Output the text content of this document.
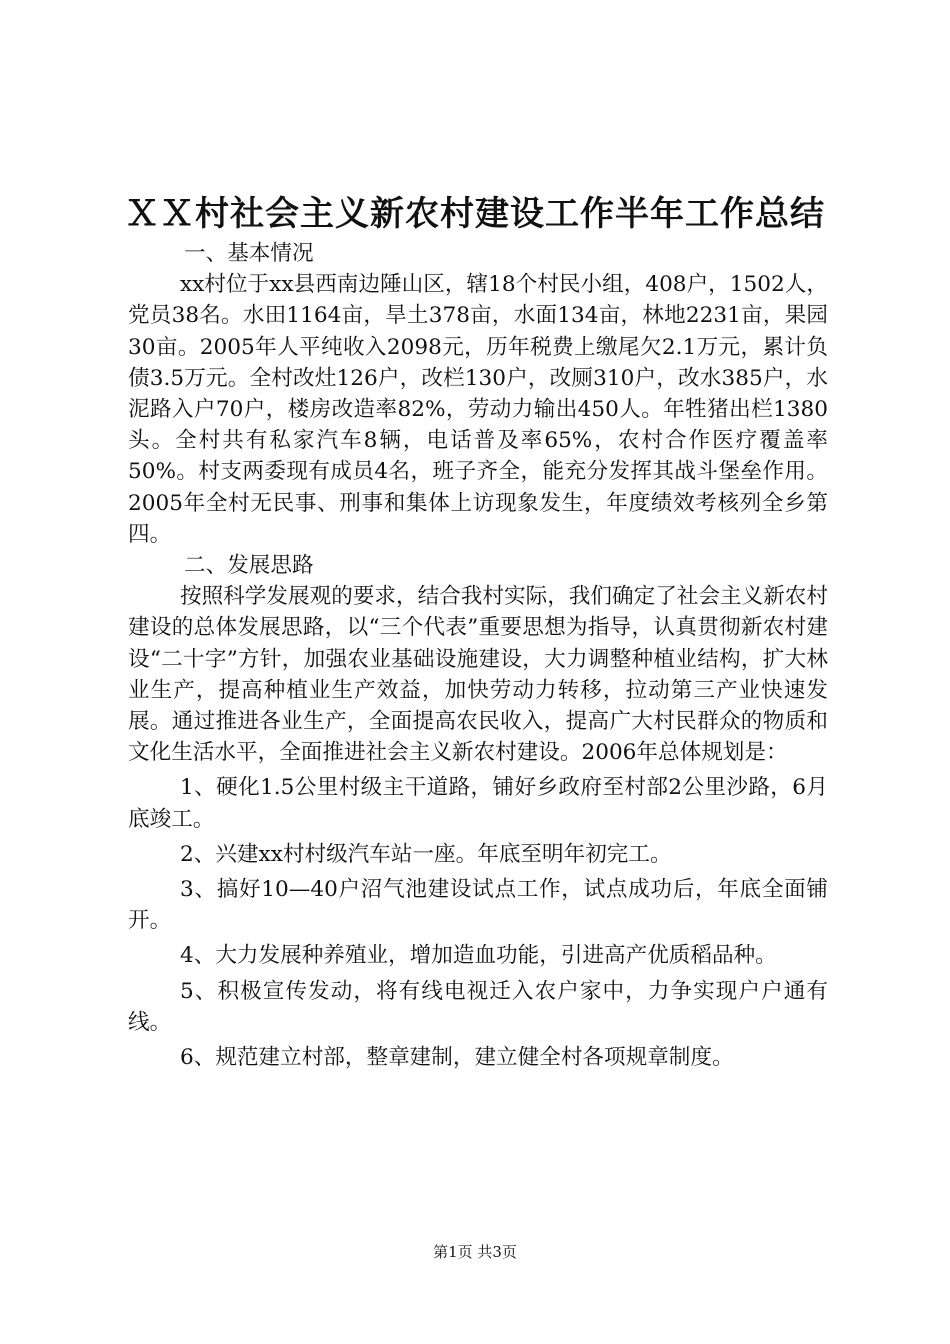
ＸＸ村社会主义新农村建设工作半年工作总结

一、基本情况

xx村位于xx县西南边陲山区，辖18个村民小组，408户，1502人，党员38名。水田1164亩，旱土378亩，水面134亩，林地2231亩，果园30亩。2005年人平纯收入2098元，历年税费上缴尾欠2.1万元，累计负债3.5万元。全村改灶126户，改栏130户，改厕310户，改水385户，水泥路入户70户，楼房改造率82%，劳动力输出450人。年牲猪出栏1380头。全村共有私家汽车8辆，电话普及率65%，农村合作医疗覆盖率50%。村支两委现有成员4名，班子齐全，能充分发挥其战斗堡垒作用。2005年全村无民事、刑事和集体上访现象发生，年度绩效考核列全乡第四。

二、发展思路

按照科学发展观的要求，结合我村实际，我们确定了社会主义新农村建设的总体发展思路，以“三个代表”重要思想为指导，认真贯彻新农村建设“二十字”方针，加强农业基础设施建设，大力调整种植业结构，扩大林业生产，提高种植业生产效益，加快劳动力转移，拉动第三产业快速发展。通过推进各业生产，全面提高农民收入，提高广大村民群众的物质和文化生活水平，全面推进社会主义新农村建设。2006年总体规划是：

1、硬化1.5公里村级主干道路，铺好乡政府至村部2公里沙路，6月底竣工。

2、兴建xx村村级汽车站一座。年底至明年初完工。

3、搞好10—40户沼气池建设试点工作，试点成功后，年底全面铺开。

4、大力发展种养殖业，增加造血功能，引进高产优质稻品种。

5、积极宣传发动，将有线电视迁入农户家中，力争实现户户通有线。

6、规范建立村部，整章建制，建立健全村各项规章制度。

第1页 共3页
